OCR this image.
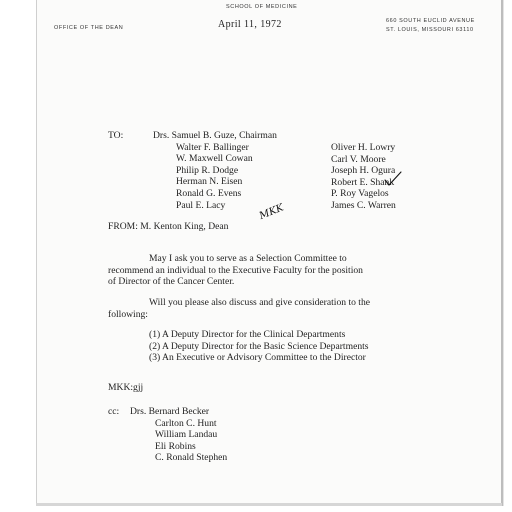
SCHOOL OF MEDICINE
OFFICE OF THE DEAN	April 11, 1972	660 SOUTH EUCLID AVENUE
ST. LOUIS, MISSOURI 63110
TO:	Drs. Samuel B. Guze, Chairman
Walter F. Ballinger
W. Maxwell Cowan
Philip R. Dodge
Herman N. Eisen
Ronald G. Evens
Paul E. Lacy
Oliver H. Lowry
Carl V. Moore
Joseph H. Ogura
Robert E. Shank
P. Roy Vagelos
James C. Warren
FROM: M. Kenton King, Dean
MKK
May I ask you to serve as a Selection Committee to
recommend an individual to the Executive Faculty for the position
of Director of the Cancer Center.
Will you please also discuss and give consideration to the
following:
(1) A Deputy Director for the Clinical Departments
(2) A Deputy Director for the Basic Science Departments
(3) An Executive or Advisory Committee to the Director
MKK:gjj
cc: Drs. Bernard Becker
Carlton C. Hunt
William Landau
Eli Robins
C. Ronald Stephen
